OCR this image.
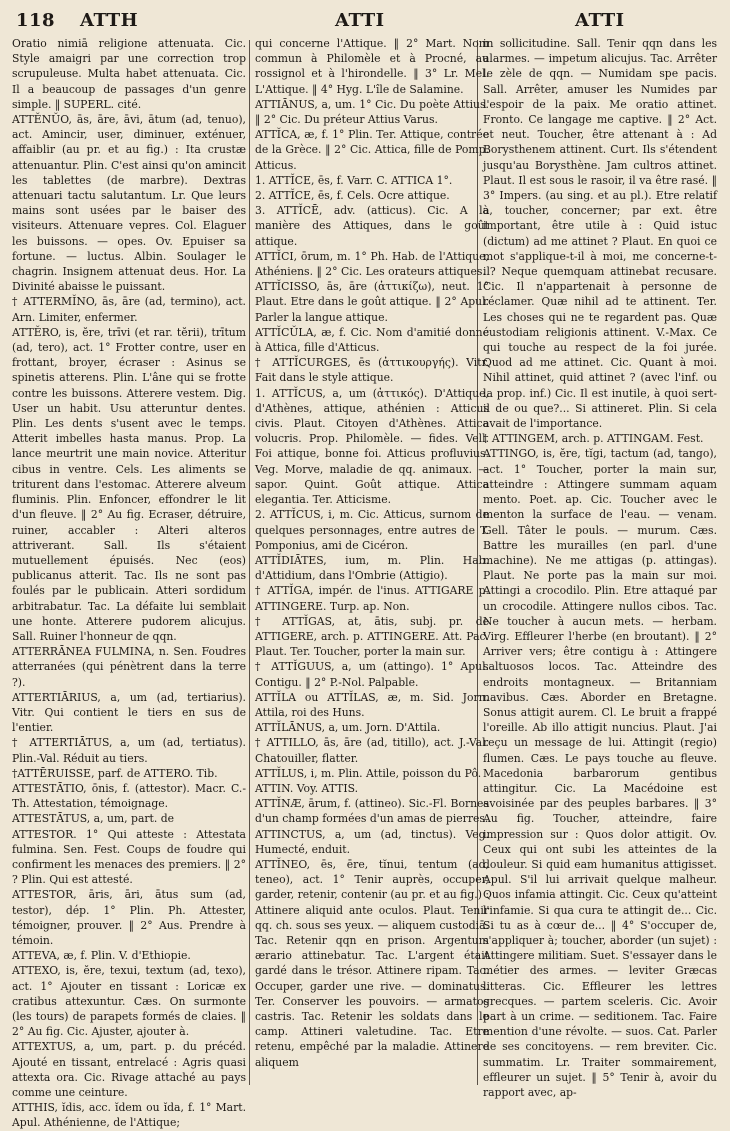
118 ATTH	ATTI	ATTI

Oratio nimiā religione attenuata. Cic. Style amaigri par une correction trop scrupuleuse. Multa habet attenuata. Cic. Il a beaucoup de passages d'un genre simple. ‖ SUPERL. cité.

ATTĔNŬO, ās, āre, āvi, ātum (ad, tenuo), act. Amincir, user, diminuer, exténuer, affaiblir (au pr. et au fig.) : Ita crustæ attenuantur. Plin. C'est ainsi qu'on amincit les tablettes (de marbre). Dextras attenuari tactu salutantum. Lr. Que leurs mains sont usées par le baiser des visiteurs. Attenuare vepres. Col. Elaguer les buissons. — opes. Ov. Epuiser sa fortune. — luctus. Albin. Soulager le chagrin. Insignem attenuat deus. Hor. La Divinité abaisse le puissant.

† ATTERMĬNO, ās, āre (ad, termino), act. Arn. Limiter, enfermer.

ATTĔRO, is, ĕre, trīvi (et rar. tĕrii), trītum (ad, tero), act. 1° Frotter contre, user en frottant, broyer, écraser : Asinus se spinetis atterens. Plin. L'âne qui se frotte contre les buissons. Atterere vestem. Dig. User un habit. Usu atteruntur dentes. Plin. Les dents s'usent avec le temps. Atterit imbelles hasta manus. Prop. La lance meurtrit une main novice. Atteritur cibus in ventre. Cels. Les aliments se triturent dans l'estomac. Atterere alveum fluminis. Plin. Enfoncer, effondrer le lit d'un fleuve. ‖ 2° Au fig. Ecraser, détruire, ruiner, accabler : Alteri alteros attriverant. Sall. Ils s'étaient mutuellement épuisés. Nec (eos) publicanus atterit. Tac. Ils ne sont pas foulés par le publicain. Atteri sordidum arbitrabatur. Tac. La défaite lui semblait une honte. Atterere pudorem alicujus. Sall. Ruiner l'honneur de qqn.

ATTERRĀNEA FULMINA, n. Sen. Foudres atterranées (qui pénètrent dans la terre ?).

ATTERTIĀRIUS, a, um (ad, tertiarius). Vitr. Qui contient le tiers en sus de l'entier.

† ATTERTIĀTUS, a, um (ad, tertiatus). Plin.-Val. Réduit au tiers.

†ATTĒRUISSE, parf. de ATTERO. Tib.

ATTESTĀTIO, ōnis, f. (attestor). Macr. C.-Th. Attestation, témoignage.

ATTESTĀTUS, a, um, part. de

ATTESTOR. 1° Qui atteste : Attestata fulmina. Sen. Fest. Coups de foudre qui confirment les menaces des premiers. ‖ 2° ? Plin. Qui est attesté.

ATTESTOR, āris, āri, ātus sum (ad, testor), dép. 1° Plin. Ph. Attester, témoigner, prouver. ‖ 2° Aus. Prendre à témoin.

ATTEVA, æ, f. Plin. V. d'Ethiopie.

ATTEXO, is, ĕre, texui, textum (ad, texo), act. 1° Ajouter en tissant : Loricæ ex cratibus attexuntur. Cæs. On surmonte (les tours) de parapets formés de claies. ‖ 2° Au fig. Cic. Ajuster, ajouter à.

ATTEXTUS, a, um, part. p. du précéd. Ajouté en tissant, entrelacé : Agris quasi attexta ora. Cic. Rivage attaché au pays comme une ceinture.

ATTHIS, ĭdis, acc. ĭdem ou ĭda, f. 1° Mart. Apul. Athénienne, de l'Attique;

qui concerne l'Attique. ‖ 2° Mart. Nom commun à Philomèle et à Procné, au rossignol et à l'hirondelle. ‖ 3° Lr. Mel. L'Attique. ‖ 4° Hyg. L'île de Salamine.

ATTIĀNUS, a, um. 1° Cic. Du poète Attius. ‖ 2° Cic. Du préteur Attius Varus.

ATTĬCA, æ, f. 1° Plin. Ter. Attique, contrée de la Grèce. ‖ 2° Cic. Attica, fille de Pomp. Atticus.

1. ATTĬCE, ēs, f. Varr. C. ATTICA 1°.

2. ATTĬCE, ēs, f. Cels. Ocre attique.

3. ATTĬCĒ, adv. (atticus). Cic. A la manière des Attiques, dans le goût attique.

ATTĬCI, ōrum, m. 1° Ph. Hab. de l'Attique, Athéniens. ‖ 2° Cic. Les orateurs attiques.

ATTĬCISSO, ās, āre (ἀττικίζω), neut. 1° Plaut. Etre dans le goût attique. ‖ 2° Apul. Parler la langue attique.

ATTĬCŬLA, æ, f. Cic. Nom d'amitié donné à Attica, fille d'Atticus.

† ATTĬCURGES, ēs (ἀττικουργής). Vitr. Fait dans le style attique.

1. ATTĬCUS, a, um (ἀττικός). D'Attique, d'Athènes, attique, athénien : Atticus civis. Plaut. Citoyen d'Athènes. Attica volucris. Prop. Philomèle. — fides. Vell. Foi attique, bonne foi. Atticus profluvius. Veg. Morve, maladie de qq. animaux. — sapor. Quint. Goût attique. Attica elegantia. Ter. Atticisme.

2. ATTĬCUS, i, m. Cic. Atticus, surnom de quelques personnages, entre autres de T. Pomponius, ami de Cicéron.

ATTĬDIĀTES, ium, m. Plin. Hab. d'Attidium, dans l'Ombrie (Attigio).

† ATTĬGA, impér. de l'inus. ATTIGARE p. ATTINGERE. Turp. ap. Non.

† ATTĬGAS, at, ātis, subj. pr. de ATTIGERE, arch. p. ATTINGERE. Att. Pac. Plaut. Ter. Toucher, porter la main sur.

† ATTĬGUUS, a, um (attingo). 1° Apul. Contigu. ‖ 2° P.-Nol. Palpable.

ATTĬLA ou ATTĬLAS, æ, m. Sid. Jorn. Attila, roi des Huns.

ATTĬLĀNUS, a, um. Jorn. D'Attila.

† ATTILLO, ās, āre (ad, titillo), act. J.-Val. Chatouiller, flatter.

ATTĬLUS, i, m. Plin. Attile, poisson du Pô.

ATTIN. Voy. ATTIS.

ATTĬNÆ, ārum, f. (attineo). Sic.-Fl. Bornes d'un champ formées d'un amas de pierres.

ATTINCTUS, a, um (ad, tinctus). Veg. Humecté, enduit.

ATTĬNEO, ēs, ēre, tĭnui, tentum (ad, teneo), act. 1° Tenir auprès, occuper, garder, retenir, contenir (au pr. et au fig.) : Attinere aliquid ante oculos. Plaut. Tenir qq. ch. sous ses yeux. — aliquem custodiā. Tac. Retenir qqn en prison. Argentum ærario attinebatur. Tac. L'argent était gardé dans le trésor. Attinere ripam. Tac. Occuper, garder une rive. — dominatus. Ter. Conserver les pouvoirs. — armatos castris. Tac. Retenir les soldats dans le camp. Attineri valetudine. Tac. Etre retenu, empêché par la maladie. Attinere aliquem

in sollicitudine. Sall. Tenir qqn dans les alarmes. — impetum alicujus. Tac. Arrêter le zèle de qqn. — Numidam spe pacis. Sall. Arrêter, amuser les Numides par l'espoir de la paix. Me oratio attinet. Fronto. Ce langage me captive. ‖ 2° Act. et neut. Toucher, être attenant à : Ad Borysthenem attinent. Curt. Ils s'étendent jusqu'au Borysthène. Jam cultros attinet. Plaut. Il est sous le rasoir, il va être rasé. ‖ 3° Impers. (au sing. et au pl.). Etre relatif à, toucher, concerner; par ext. être important, être utile à : Quid istuc (dictum) ad me attinet ? Plaut. En quoi ce mot s'applique-t-il à moi, me concerne-t-il? Neque quemquam attinebat recusare. Cic. Il n'appartenait à personne de réclamer. Quæ nihil ad te attinent. Ter. Les choses qui ne te regardent pas. Quæ custodiam religionis attinent. V.-Max. Ce qui touche au respect de la foi jurée. Quod ad me attinet. Cic. Quant à moi. Nihil attinet, quid attinet ? (avec l'inf. ou la prop. inf.) Cic. Il est inutile, à quoi sert-il de ou que?... Si attineret. Plin. Si cela avait de l'importance.

† ATTINGEM, arch. p. ATTINGAM. Fest.

ATTINGO, is, ĕre, tĭgi, tactum (ad, tango), act. 1° Toucher, porter la main sur, atteindre : Attingere summam aquam mento. Poet. ap. Cic. Toucher avec le menton la surface de l'eau. — venam. Gell. Tâter le pouls. — murum. Cæs. Battre les murailles (en parl. d'une machine). Ne me attigas (p. attingas). Plaut. Ne porte pas la main sur moi. Attingi a crocodilo. Plin. Etre attaqué par un crocodile. Attingere nullos cibos. Tac. Ne toucher à aucun mets. — herbam. Virg. Effleurer l'herbe (en broutant). ‖ 2° Arriver vers; être contigu à : Attingere saltuosos locos. Tac. Atteindre des endroits montagneux. — Britanniam navibus. Cæs. Aborder en Bretagne. Sonus attigit aurem. Cl. Le bruit a frappé l'oreille. Ab illo attigit nuncius. Plaut. J'ai reçu un message de lui. Attingit (regio) flumen. Cæs. Le pays touche au fleuve. Macedonia barbarorum gentibus attingitur. Cic. La Macédoine est avoisinée par des peuples barbares. ‖ 3° Au fig. Toucher, atteindre, faire impression sur : Quos dolor attigit. Ov. Ceux qui ont subi les atteintes de la douleur. Si quid eam humanitus attigisset. Apul. S'il lui arrivait quelque malheur. Quos infamia attingit. Cic. Ceux qu'atteint l'infamie. Si qua cura te attingit de... Cic. Si tu as à cœur de... ‖ 4° S'occuper de, s'appliquer à; toucher, aborder (un sujet) : Attingere militiam. Suet. S'essayer dans le métier des armes. — leviter Græcas litteras. Cic. Effleurer les lettres grecques. — partem sceleris. Cic. Avoir part à un crime. — seditionem. Tac. Faire mention d'une révolte. — suos. Cat. Parler de ses concitoyens. — rem breviter. Cic. summatim. Lr. Traiter sommairement, effleurer un sujet. ‖ 5° Tenir à, avoir du rapport avec, ap-
